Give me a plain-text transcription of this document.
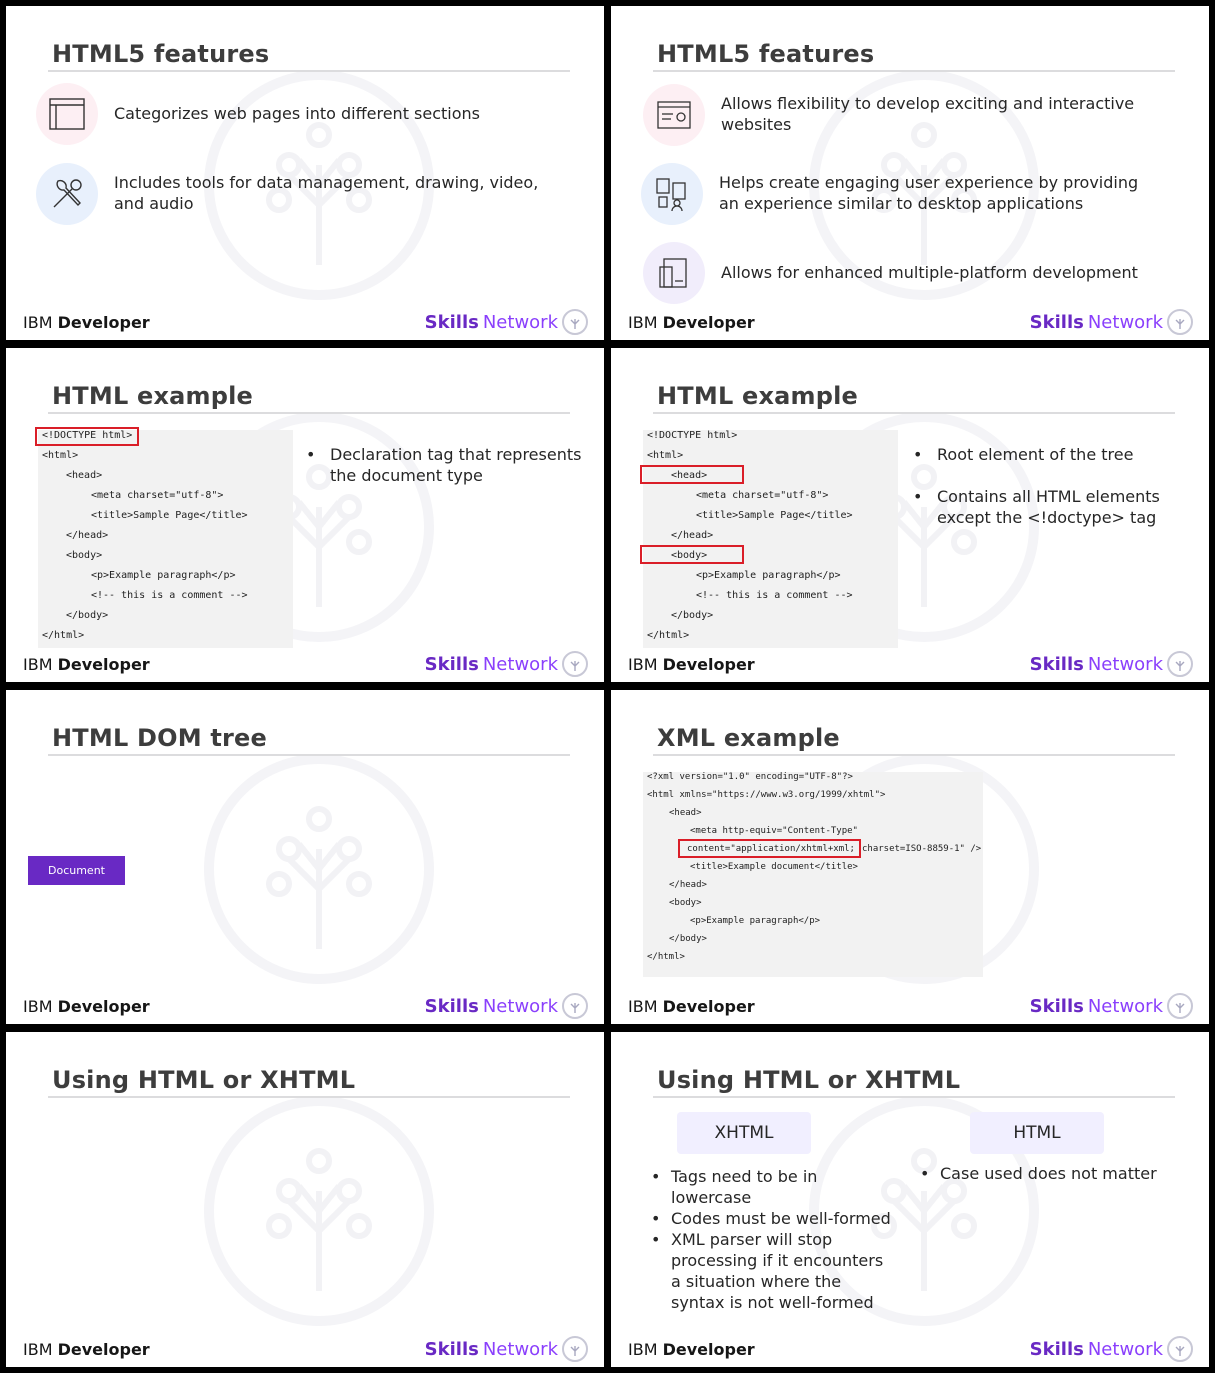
HTML5 features
Categorizes web pages into different sections
Includes tools for data management, drawing, video, and audio
IBM Developer	Skills Network
HTML5 features
Allows flexibility to develop exciting and interactive websites
Helps create engaging user experience by providing an experience similar to desktop applications
Allows for enhanced multiple-platform development
IBM Developer	Skills Network
HTML example
<!DOCTYPE html>
<html>
<head>
<meta charset="utf-8">
<title>Sample Page</title>
</head>
<body>
<p>Example paragraph</p>
<!-- this is a comment -->
</body>
</html>
• Declaration tag that represents the document type
IBM Developer	Skills Network
HTML example
<!DOCTYPE html>
<html>
<head>
<meta charset="utf-8">
<title>Sample Page</title>
</head>
<body>
<p>Example paragraph</p>
<!-- this is a comment -->
</body>
</html>
• Root element of the tree
• Contains all HTML elements except the <!doctype> tag
IBM Developer	Skills Network
HTML DOM tree
Document
IBM Developer	Skills Network
XML example
<?xml version="1.0" encoding="UTF-8"?>
<html xmlns="https://www.w3.org/1999/xhtml">
<head>
<meta http-equiv="Content-Type"
content="application/xhtml+xml; charset=ISO-8859-1" />
<title>Example document</title>
</head>
<body>
<p>Example paragraph</p>
</body>
</html>
IBM Developer	Skills Network
Using HTML or XHTML
IBM Developer	Skills Network
Using HTML or XHTML
XHTML	HTML
• Tags need to be in lowercase
• Codes must be well-formed
• XML parser will stop processing if it encounters a situation where the syntax is not well-formed
• Case used does not matter
IBM Developer	Skills Network
